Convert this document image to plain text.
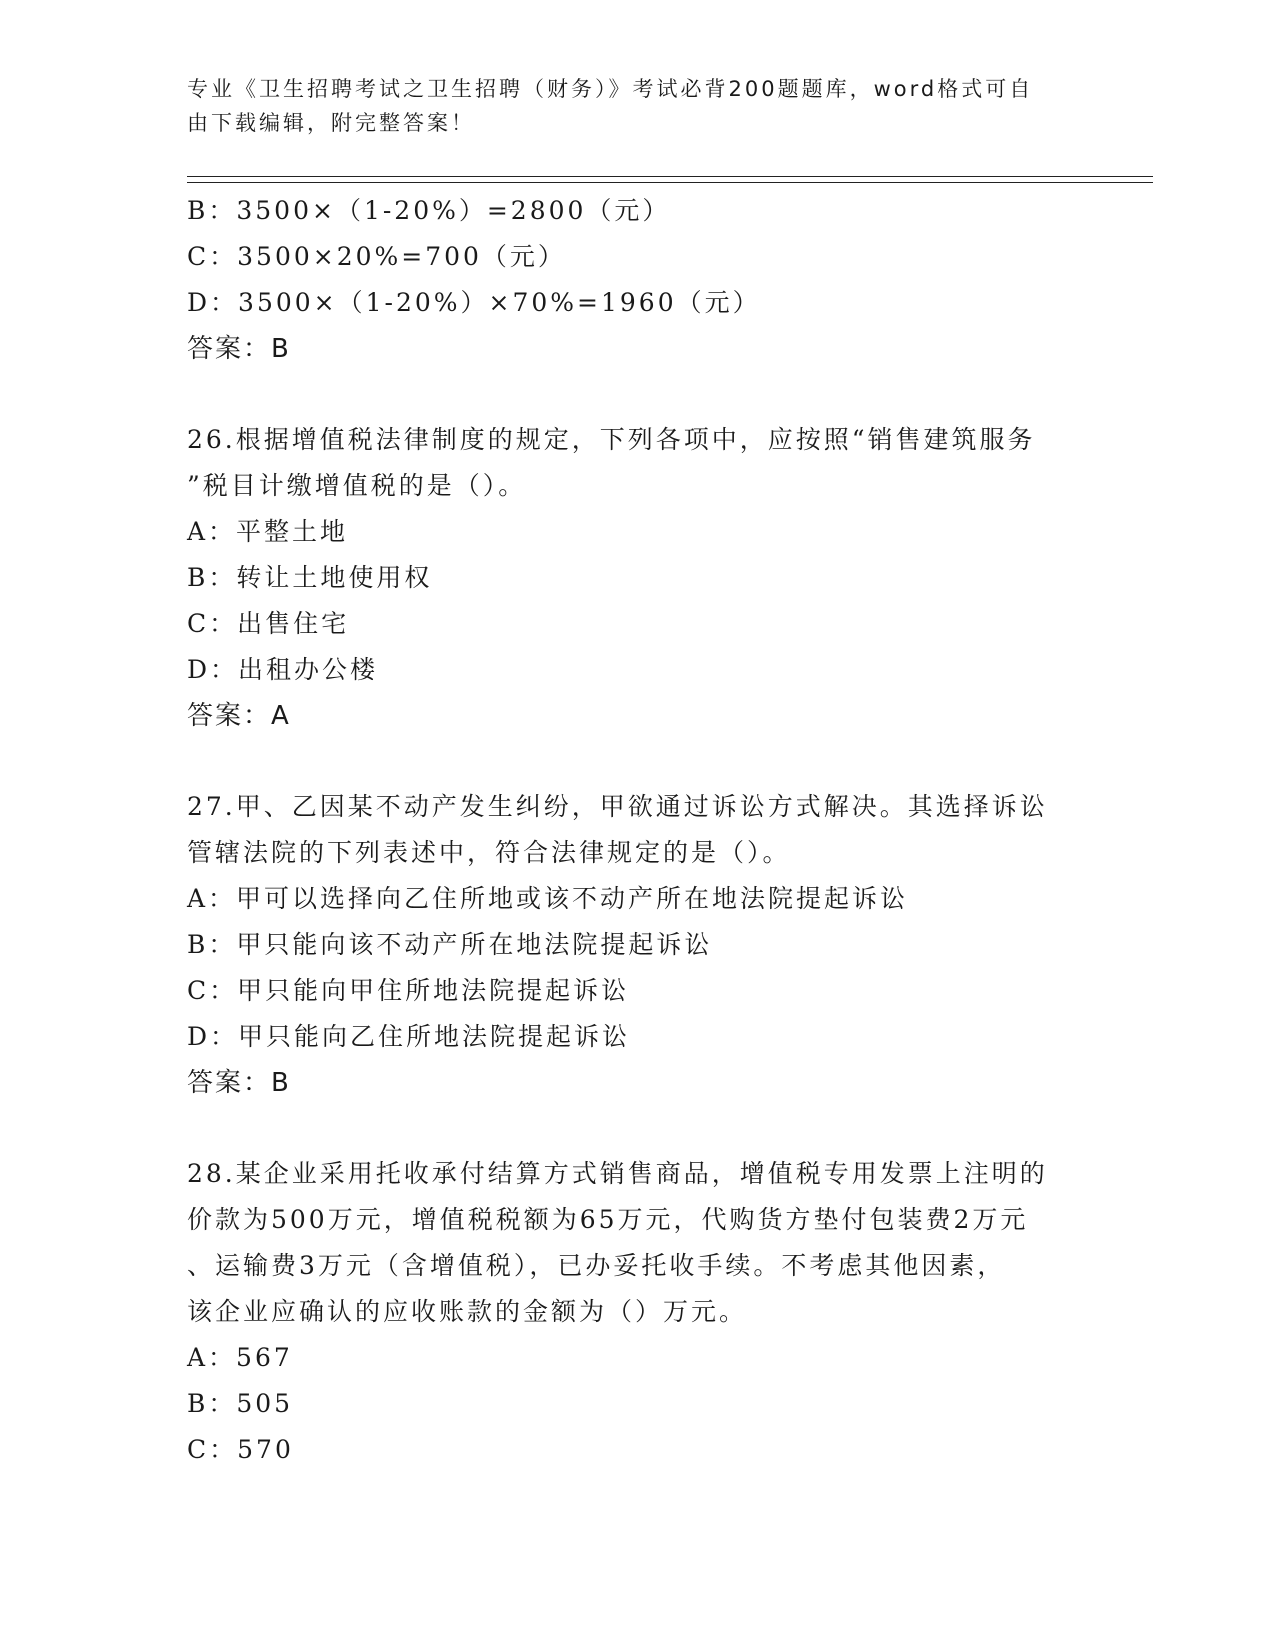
专业《卫生招聘考试之卫生招聘（财务）》考试必背200题题库，word格式可自
由下载编辑，附完整答案！
B：3500×（1-20%）=2800（元）
C：3500×20%=700（元）
D：3500×（1-20%）×70%=1960（元）
答案：B
26.根据增值税法律制度的规定，下列各项中，应按照“销售建筑服务
”税目计缴增值税的是（）。
A：平整土地
B：转让土地使用权
C：出售住宅
D：出租办公楼
答案：A
27.甲、乙因某不动产发生纠纷，甲欲通过诉讼方式解决。其选择诉讼
管辖法院的下列表述中，符合法律规定的是（）。
A：甲可以选择向乙住所地或该不动产所在地法院提起诉讼
B：甲只能向该不动产所在地法院提起诉讼
C：甲只能向甲住所地法院提起诉讼
D：甲只能向乙住所地法院提起诉讼
答案：B
28.某企业采用托收承付结算方式销售商品，增值税专用发票上注明的
价款为500万元，增值税税额为65万元，代购货方垫付包装费2万元
、运输费3万元（含增值税），已办妥托收手续。不考虑其他因素，
该企业应确认的应收账款的金额为（）万元。
A：567
B：505
C：570
